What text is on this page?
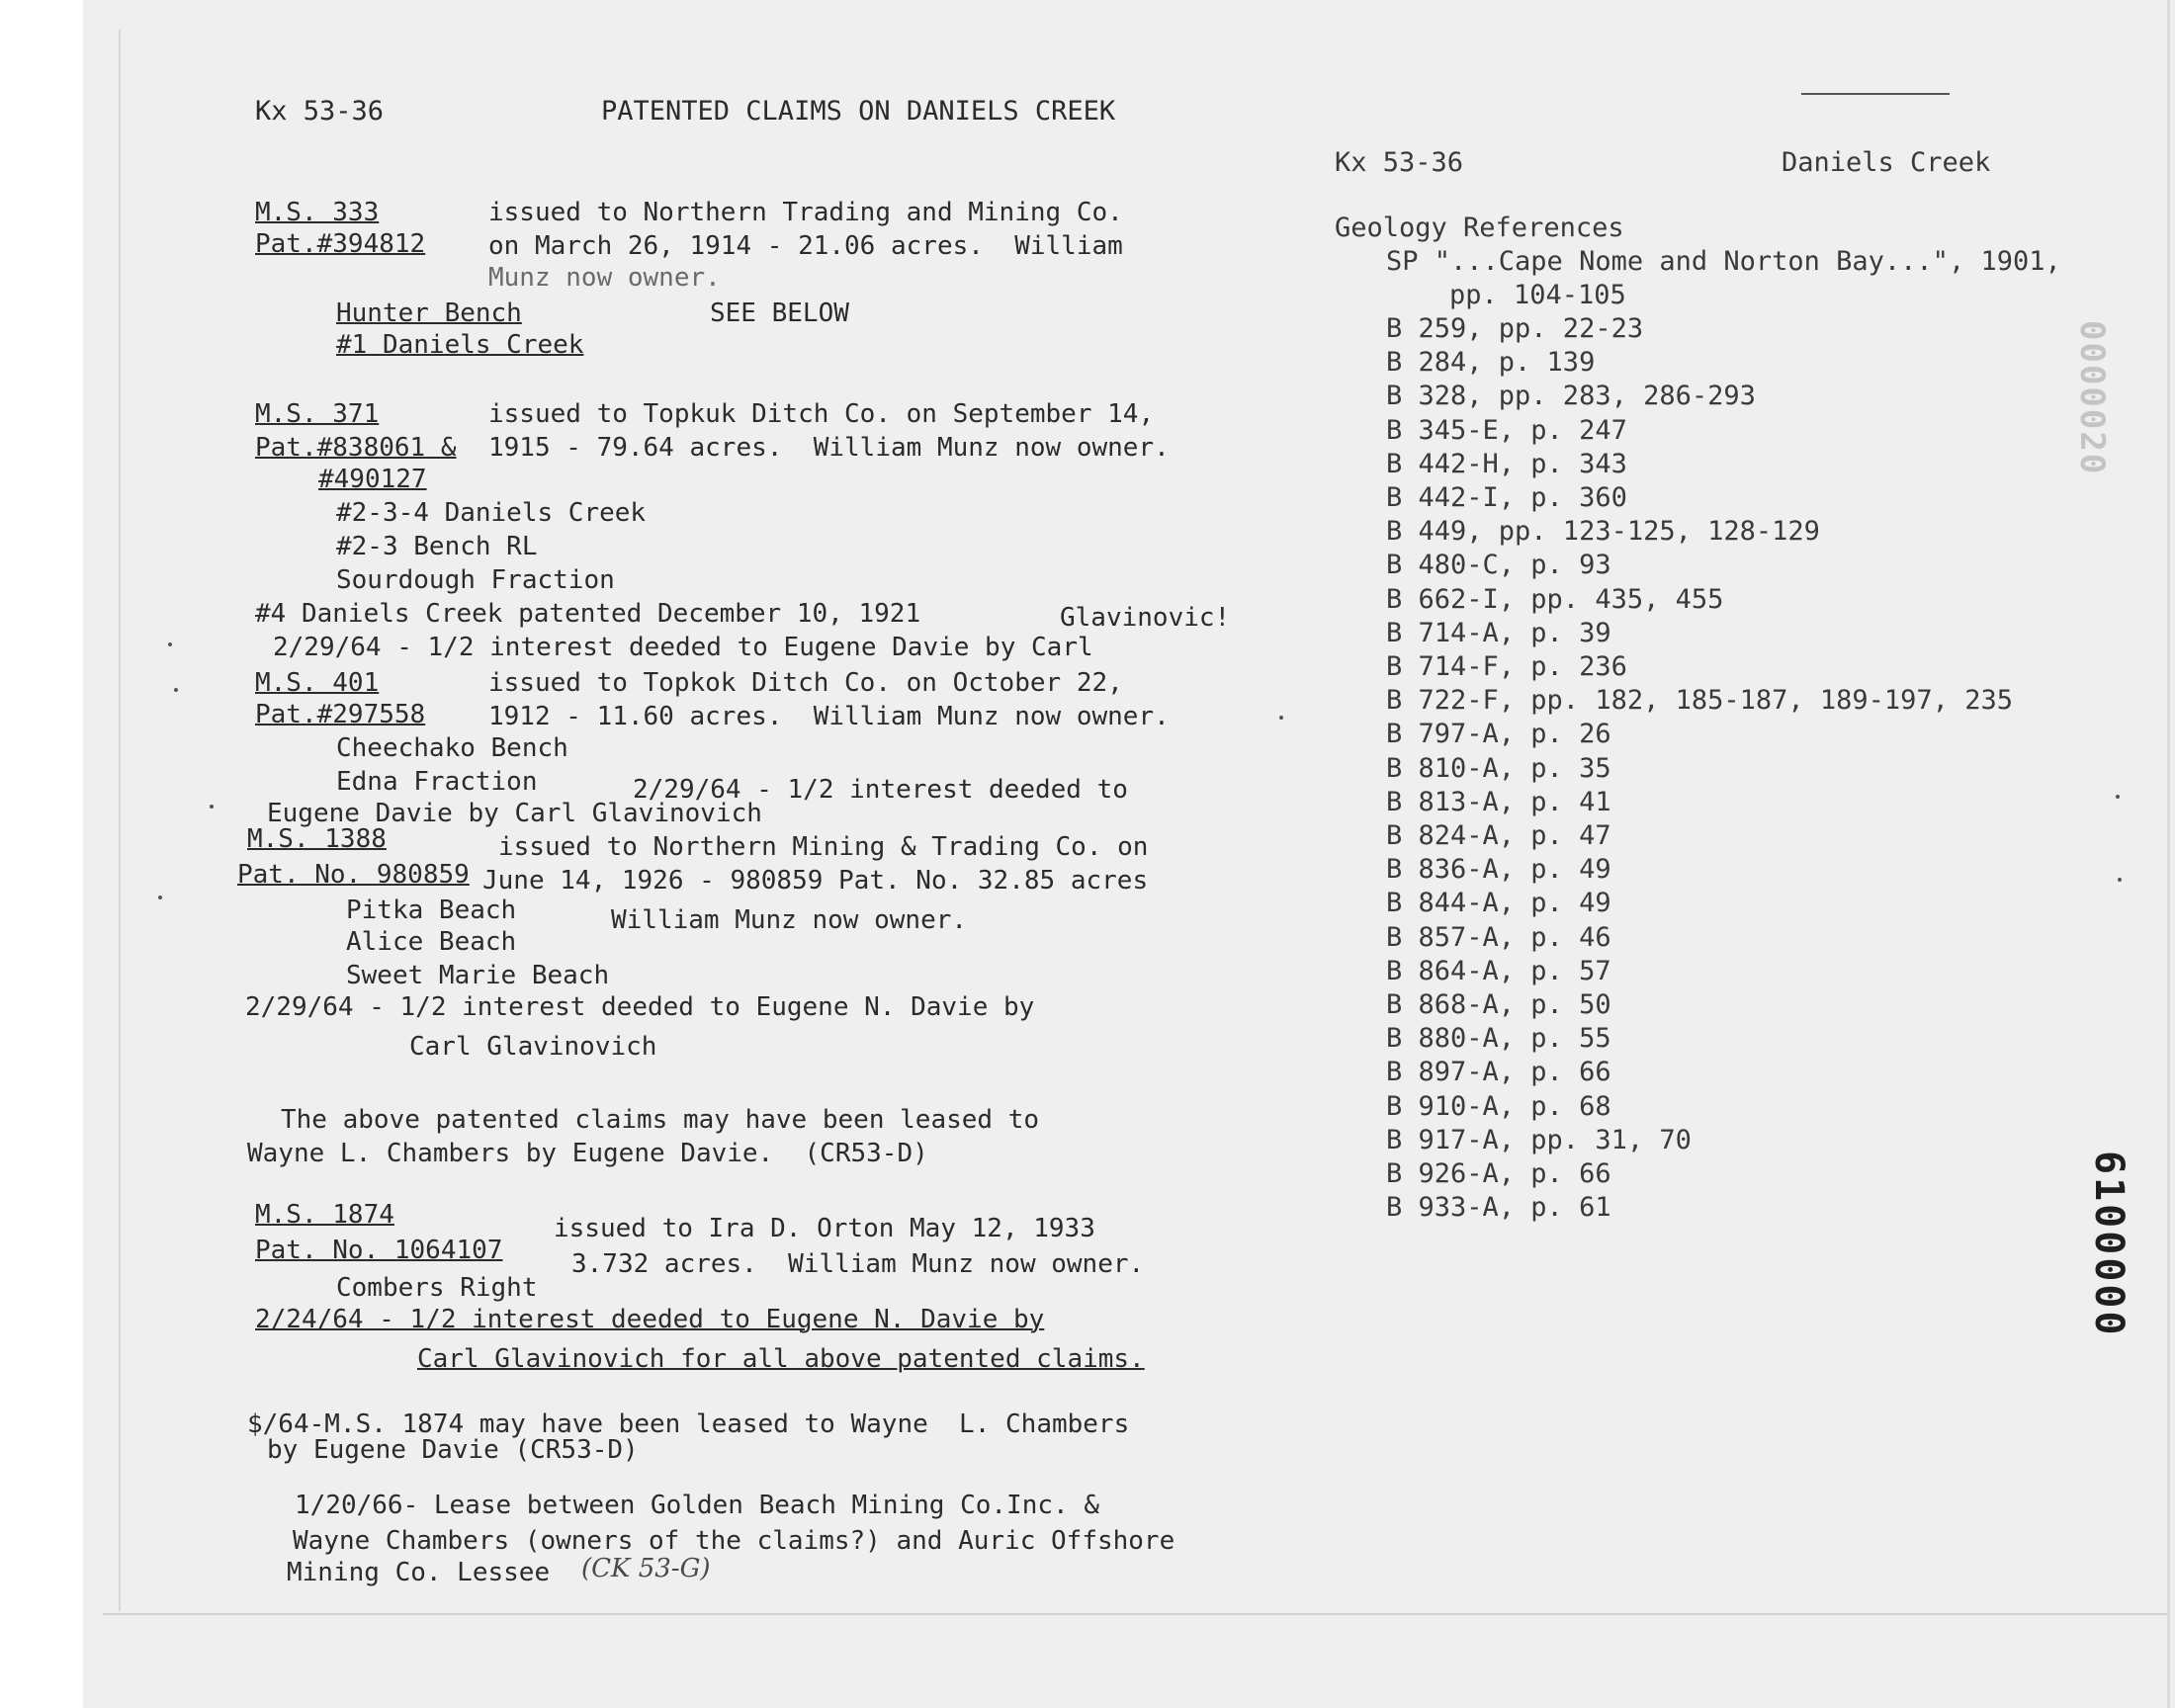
Kx 53-36	PATENTED CLAIMS ON DANIELS CREEK
Kx 53-36	Daniels Creek
M.S. 333
Pat.#394812
issued to Northern Trading and Mining Co.
on March 26, 1914 - 21.06 acres.  William
Munz now owner.
Hunter Bench	SEE BELOW
#1 Daniels Creek
M.S. 371
Pat.#838061 &
#490127
issued to Topkuk Ditch Co. on September 14,
1915 - 79.64 acres.  William Munz now owner.
#2-3-4 Daniels Creek
#2-3 Bench RL
Sourdough Fraction
#4 Daniels Creek patented December 10, 1921	Glavinovic!
2/29/64 - 1/2 interest deeded to Eugene Davie by Carl
M.S. 401
Pat.#297558
issued to Topkok Ditch Co. on October 22,
1912 - 11.60 acres.  William Munz now owner.
Cheechako Bench
Edna Fraction	2/29/64 - 1/2 interest deeded to
Eugene Davie by Carl Glavinovich
M.S. 1388
Pat. No. 980859
issued to Northern Mining & Trading Co. on
June 14, 1926 - 980859 Pat. No. 32.85 acres
William Munz now owner.
Pitka Beach
Alice Beach
Sweet Marie Beach
2/29/64 - 1/2 interest deeded to Eugene N. Davie by
Carl Glavinovich
The above patented claims may have been leased to
Wayne L. Chambers by Eugene Davie.  (CR53-D)
M.S. 1874
Pat. No. 1064107
issued to Ira D. Orton May 12, 1933
3.732 acres.  William Munz now owner.
Combers Right
2/24/64 - 1/2 interest deeded to Eugene N. Davie by
Carl Glavinovich for all above patented claims.
$/64-M.S. 1874 may have been leased to Wayne  L. Chambers
by Eugene Davie (CR53-D)
1/20/66- Lease between Golden Beach Mining Co.Inc. &
Wayne Chambers (owners of the claims?) and Auric Offshore
Mining Co. Lessee (CK 53-G)
Geology References
SP "...Cape Nome and Norton Bay...", 1901,
pp. 104-105
B 259, pp. 22-23
B 284, p. 139
B 328, pp. 283, 286-293
B 345-E, p. 247
B 442-H, p. 343
B 442-I, p. 360
B 449, pp. 123-125, 128-129
B 480-C, p. 93
B 662-I, pp. 435, 455
B 714-A, p. 39
B 714-F, p. 236
B 722-F, pp. 182, 185-187, 189-197, 235
B 797-A, p. 26
B 810-A, p. 35
B 813-A, p. 41
B 824-A, p. 47
B 836-A, p. 49
B 844-A, p. 49
B 857-A, p. 46
B 864-A, p. 57
B 868-A, p. 50
B 880-A, p. 55
B 897-A, p. 66
B 910-A, p. 68
B 917-A, pp. 31, 70
B 926-A, p. 66
B 933-A, p. 61
0000020
6100000
